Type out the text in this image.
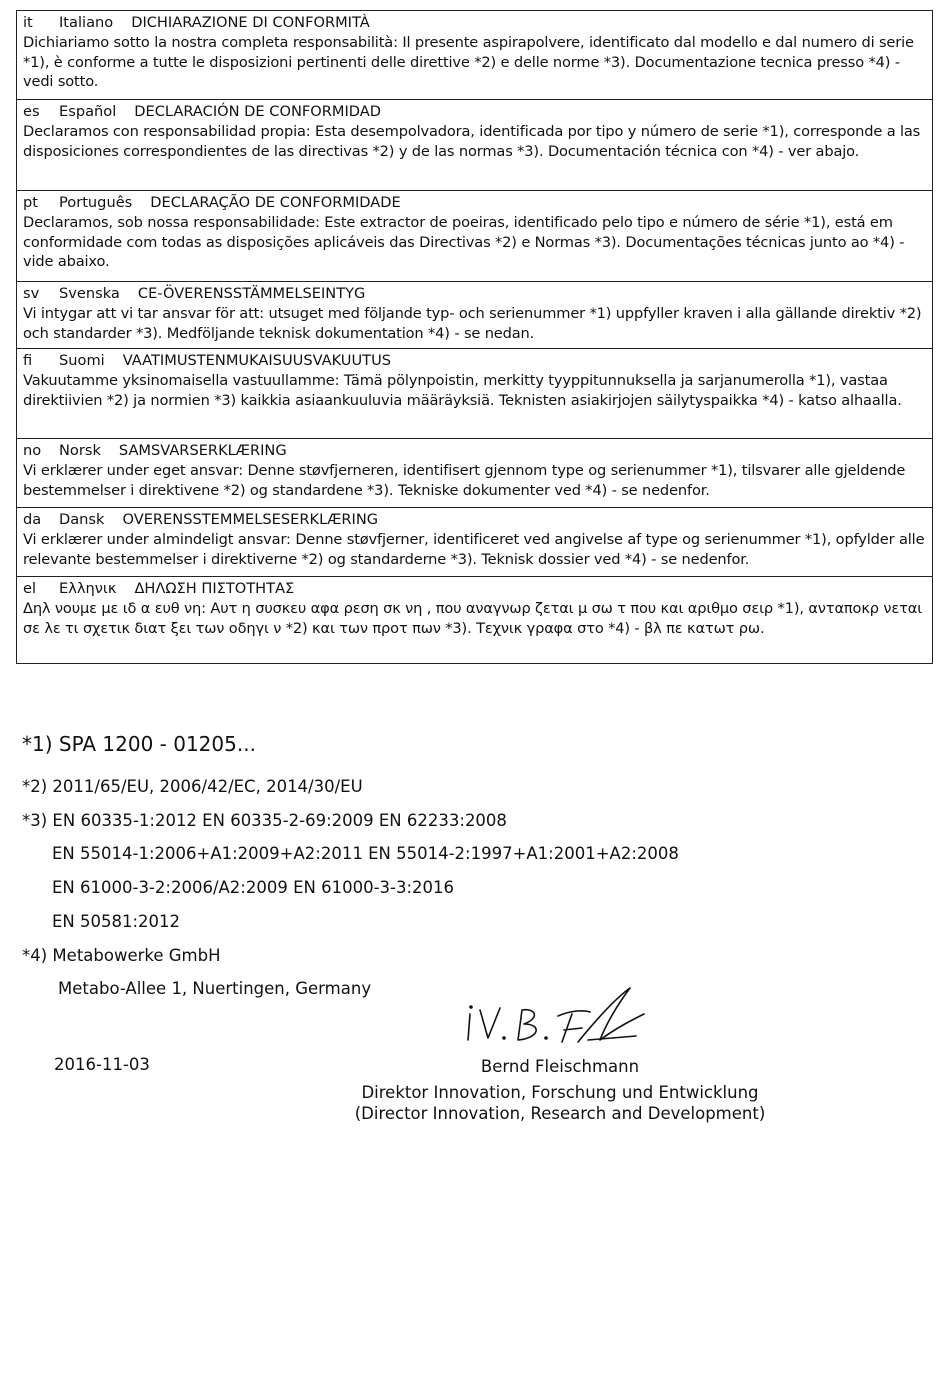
it Italiano DICHIARAZIONE DI CONFORMITÀ
Dichiariamo sotto la nostra completa responsabilità: Il presente aspirapolvere, identificato dal modello e dal numero di serie *1), è conforme a tutte le disposizioni pertinenti delle direttive *2) e delle norme *3). Documentazione tecnica presso *4) - vedi sotto.
es Español DECLARACIÓN DE CONFORMIDAD
Declaramos con responsabilidad propia: Esta desempolvadora, identificada por tipo y número de serie *1), corresponde a las disposiciones correspondientes de las directivas *2) y de las normas *3). Documentación técnica con *4) - ver abajo.
pt Português DECLARAÇÃO DE CONFORMIDADE
Declaramos, sob nossa responsabilidade: Este extractor de poeiras, identificado pelo tipo e número de série *1), está em conformidade com todas as disposições aplicáveis das Directivas *2) e Normas *3). Documentações técnicas junto ao *4) - vide abaixo.
sv Svenska CE-ÖVERENSSTÄMMELSEINTYG
Vi intygar att vi tar ansvar för att: utsuget med följande typ- och serienummer *1) uppfyller kraven i alla gällande direktiv *2) och standarder *3). Medföljande teknisk dokumentation *4) - se nedan.
fi Suomi VAATIMUSTENMUKAISUUSVAKUUTUS
Vakuutamme yksinomaisella vastuullamme: Tämä pölynpoistin, merkitty tyyppitunnuksella ja sarjanumerolla *1), vastaa direktiivien *2) ja normien *3) kaikkia asiaankuuluvia määräyksiä. Teknisten asiakirjojen säilytyspaikka *4) - katso alhaalla.
no Norsk SAMSVARSERKLÆRING
Vi erklærer under eget ansvar: Denne støvfjerneren, identifisert gjennom type og serienummer *1), tilsvarer alle gjeldende bestemmelser i direktivene *2) og standardene *3). Tekniske dokumenter ved *4) - se nedenfor.
da Dansk OVERENSSTEMMELSESERKLÆRING
Vi erklærer under almindeligt ansvar: Denne støvfjerner, identificeret ved angivelse af type og serienummer *1), opfylder alle relevante bestemmelser i direktiverne *2) og standarderne *3). Teknisk dossier ved *4) - se nedenfor.
el Ελληνικ ΔΗΛΩΣΗ ΠΙΣΤΟΤΗΤΑΣ
Δηλ νουμε με ιδ α ευθ νη: Αυτ η συσκευ αφα ρεση σκ νη , που αναγνωρ ζεται μ σω τ που και αριθμο σειρ *1), ανταποκρ νεται σε λε τι σχετικ διατ ξει των οδηγι ν *2) και των προτ πων *3). Τεχνικ γραφα στο *4) - βλ πε κατωτ ρω.
*1) SPA 1200 - 01205...
*2) 2011/65/EU, 2006/42/EC, 2014/30/EU
*3) EN 60335-1:2012 EN 60335-2-69:2009 EN 62233:2008
EN 55014-1:2006+A1:2009+A2:2011 EN 55014-2:1997+A1:2001+A2:2008
EN 61000-3-2:2006/A2:2009 EN 61000-3-3:2016
EN 50581:2012
*4) Metabowerke GmbH
Metabo-Allee 1, Nuertingen, Germany
2016-11-03	Bernd Fleischmann
Direktor Innovation, Forschung und Entwicklung
(Director Innovation, Research and Development)
